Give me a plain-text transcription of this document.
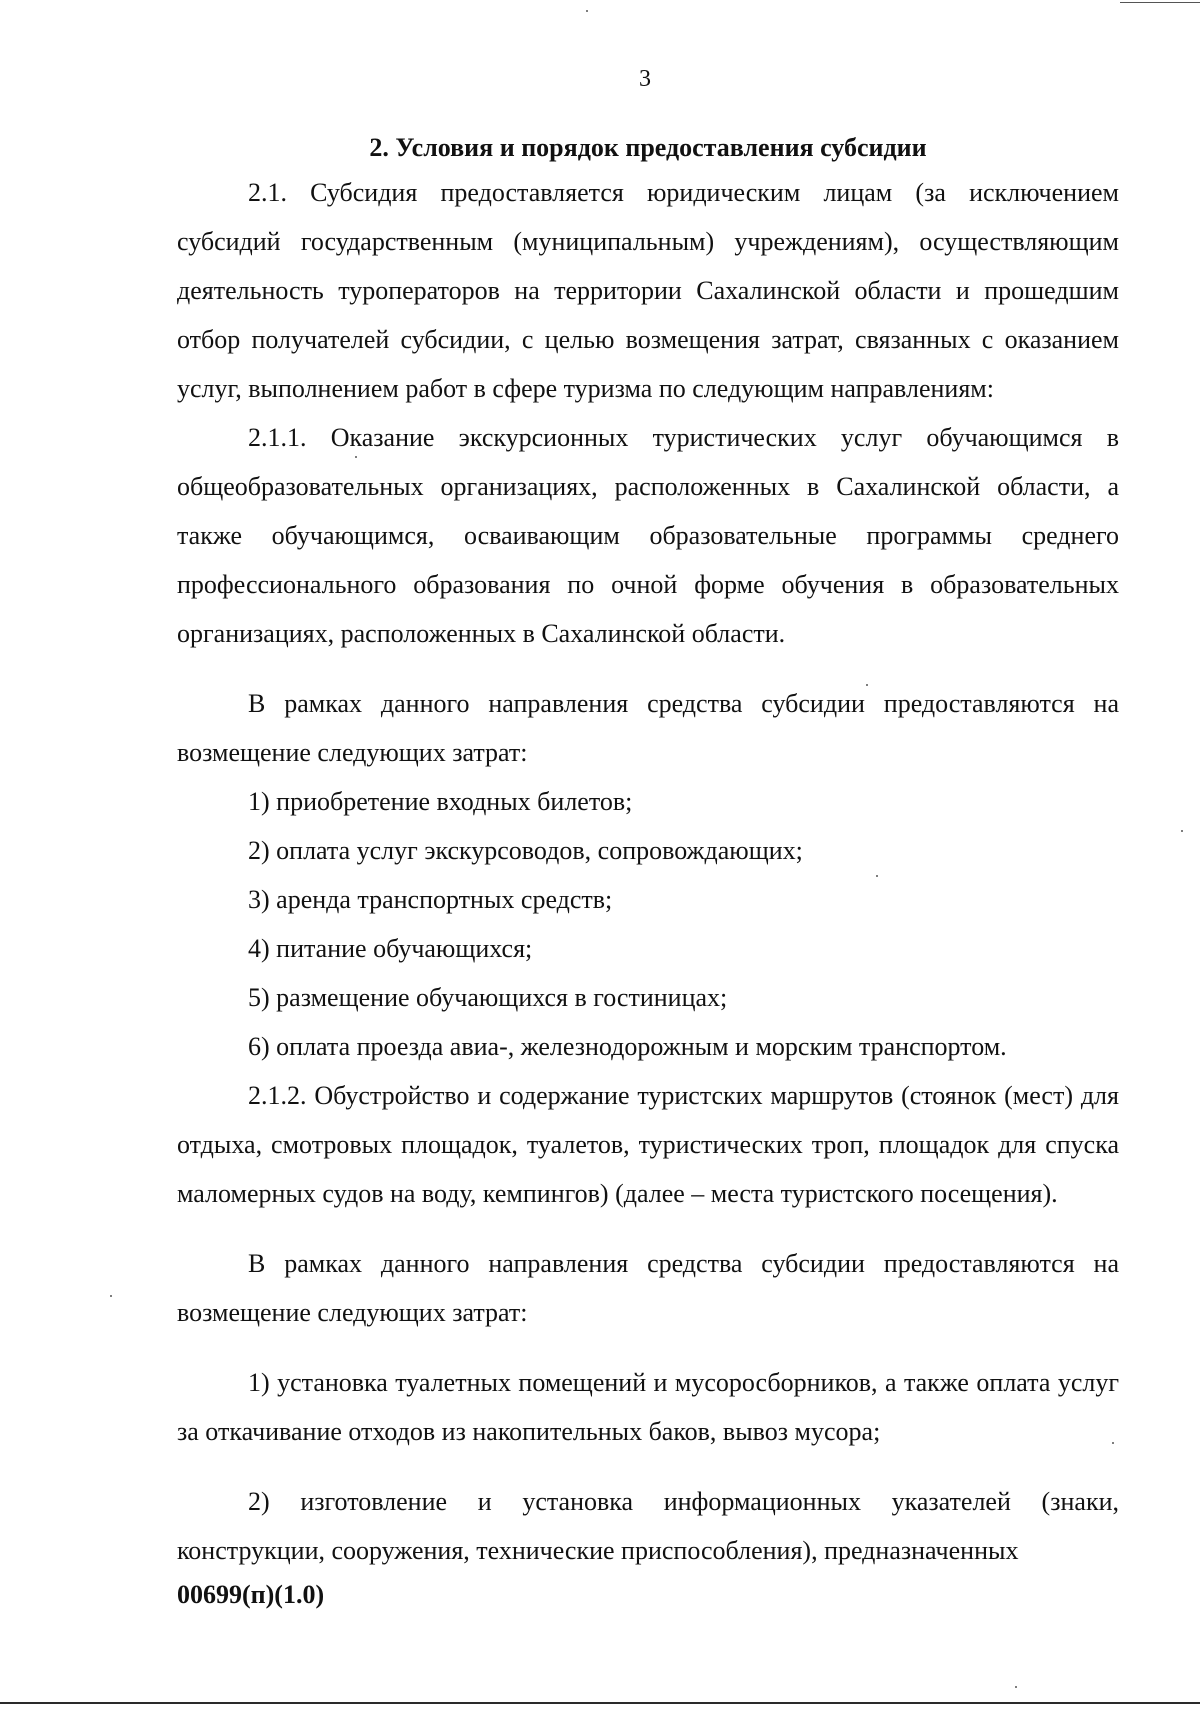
3

2. Условия и порядок предоставления субсидии

2.1. Субсидия предоставляется юридическим лицам (за исключением субсидий государственным (муниципальным) учреждениям), осуществляющим деятельность туроператоров на территории Сахалинской области и прошедшим отбор получателей субсидии, с целью возмещения затрат, связанных с оказанием услуг, выполнением работ в сфере туризма по следующим направлениям:

2.1.1. Оказание экскурсионных туристических услуг обучающимся в общеобразовательных организациях, расположенных в Сахалинской области, а также обучающимся, осваивающим образовательные программы среднего профессионального образования по очной форме обучения в образовательных организациях, расположенных в Сахалинской области.

В рамках данного направления средства субсидии предоставляются на возмещение следующих затрат:

1) приобретение входных билетов;

2) оплата услуг экскурсоводов, сопровождающих;

3) аренда транспортных средств;

4) питание обучающихся;

5) размещение обучающихся в гостиницах;

6) оплата проезда авиа-, железнодорожным и морским транспортом.

2.1.2. Обустройство и содержание туристских маршрутов (стоянок (мест) для отдыха, смотровых площадок, туалетов, туристических троп, площадок для спуска маломерных судов на воду, кемпингов) (далее – места туристского посещения).

В рамках данного направления средства субсидии предоставляются на возмещение следующих затрат:

1) установка туалетных помещений и мусоросборников, а также оплата услуг за откачивание отходов из накопительных баков, вывоз мусора;

2) изготовление и установка информационных указателей (знаки, конструкции, сооружения, технические приспособления), предназначенных

00699(п)(1.0)
